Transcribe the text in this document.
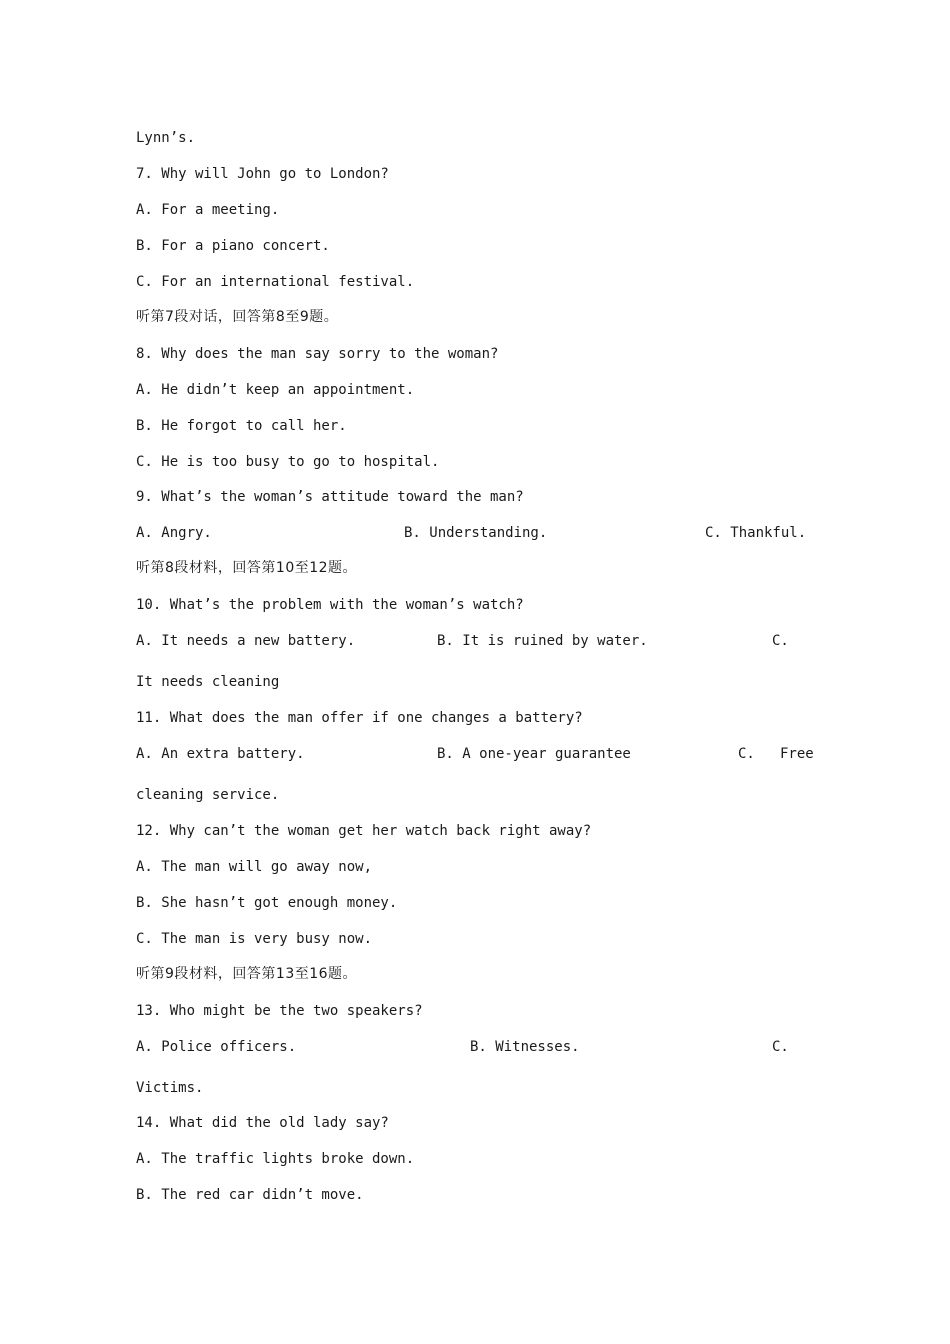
Lynn’s.
7. Why will John go to London?
A. For a meeting.
B. For a piano concert.
C. For an international festival.
听第7段对话，回答第8至9题。
8. Why does the man say sorry to the woman?
A. He didn’t keep an appointment.
B. He forgot to call her.
C. He is too busy to go to hospital.
9. What’s the woman’s attitude toward the man?
A. Angry.	B. Understanding.	C. Thankful.
听第8段材料，回答第10至12题。
10. What’s the problem with the woman’s watch?
A. It needs a new battery.	B. It is ruined by water.	C.
It needs cleaning
11. What does the man offer if one changes a battery?
A. An extra battery.	B. A one-year guarantee	C. Free
cleaning service.
12. Why can’t the woman get her watch back right away?
A. The man will go away now,
B. She hasn’t got enough money.
C. The man is very busy now.
听第9段材料，回答第13至16题。
13. Who might be the two speakers?
A. Police officers.	B. Witnesses.	C.
Victims.
14. What did the old lady say?
A. The traffic lights broke down.
B. The red car didn’t move.
